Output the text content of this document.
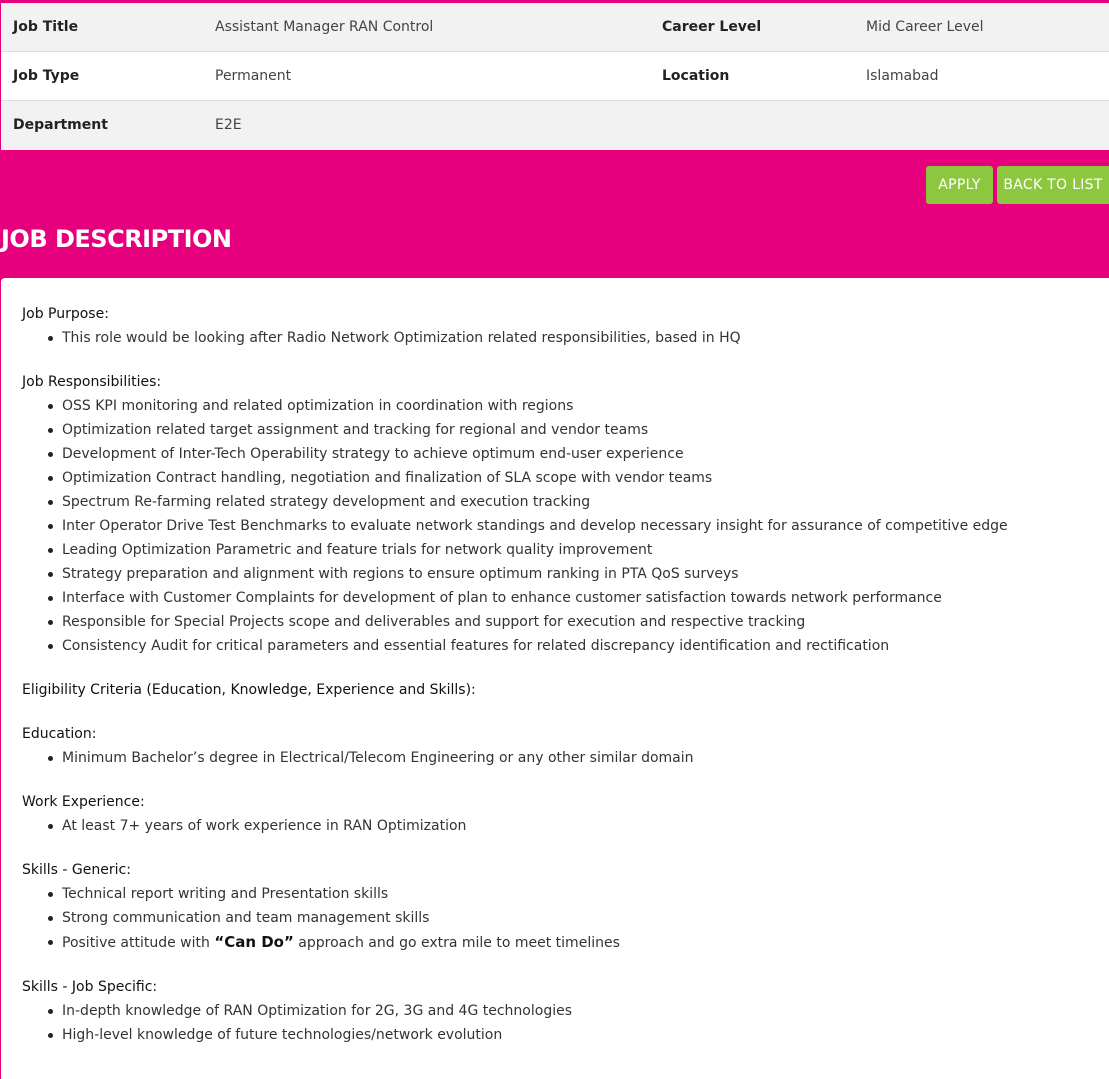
Job Title	Assistant Manager RAN Control	Career Level	Mid Career Level
Job Type	Permanent	Location	Islamabad
Department	E2E
APPLY	BACK TO LIST
JOB DESCRIPTION
Job Purpose:
This role would be looking after Radio Network Optimization related responsibilities, based in HQ
Job Responsibilities:
OSS KPI monitoring and related optimization in coordination with regions
Optimization related target assignment and tracking for regional and vendor teams
Development of Inter-Tech Operability strategy to achieve optimum end-user experience
Optimization Contract handling, negotiation and finalization of SLA scope with vendor teams
Spectrum Re-farming related strategy development and execution tracking
Inter Operator Drive Test Benchmarks to evaluate network standings and develop necessary insight for assurance of competitive edge
Leading Optimization Parametric and feature trials for network quality improvement
Strategy preparation and alignment with regions to ensure optimum ranking in PTA QoS surveys
Interface with Customer Complaints for development of plan to enhance customer satisfaction towards network performance
Responsible for Special Projects scope and deliverables and support for execution and respective tracking
Consistency Audit for critical parameters and essential features for related discrepancy identification and rectification
Eligibility Criteria (Education, Knowledge, Experience and Skills):
Education:
Minimum Bachelor’s degree in Electrical/Telecom Engineering or any other similar domain
Work Experience:
At least 7+ years of work experience in RAN Optimization
Skills - Generic:
Technical report writing and Presentation skills
Strong communication and team management skills
Positive attitude with “Can Do” approach and go extra mile to meet timelines
Skills - Job Specific:
In-depth knowledge of RAN Optimization for 2G, 3G and 4G technologies
High-level knowledge of future technologies/network evolution
